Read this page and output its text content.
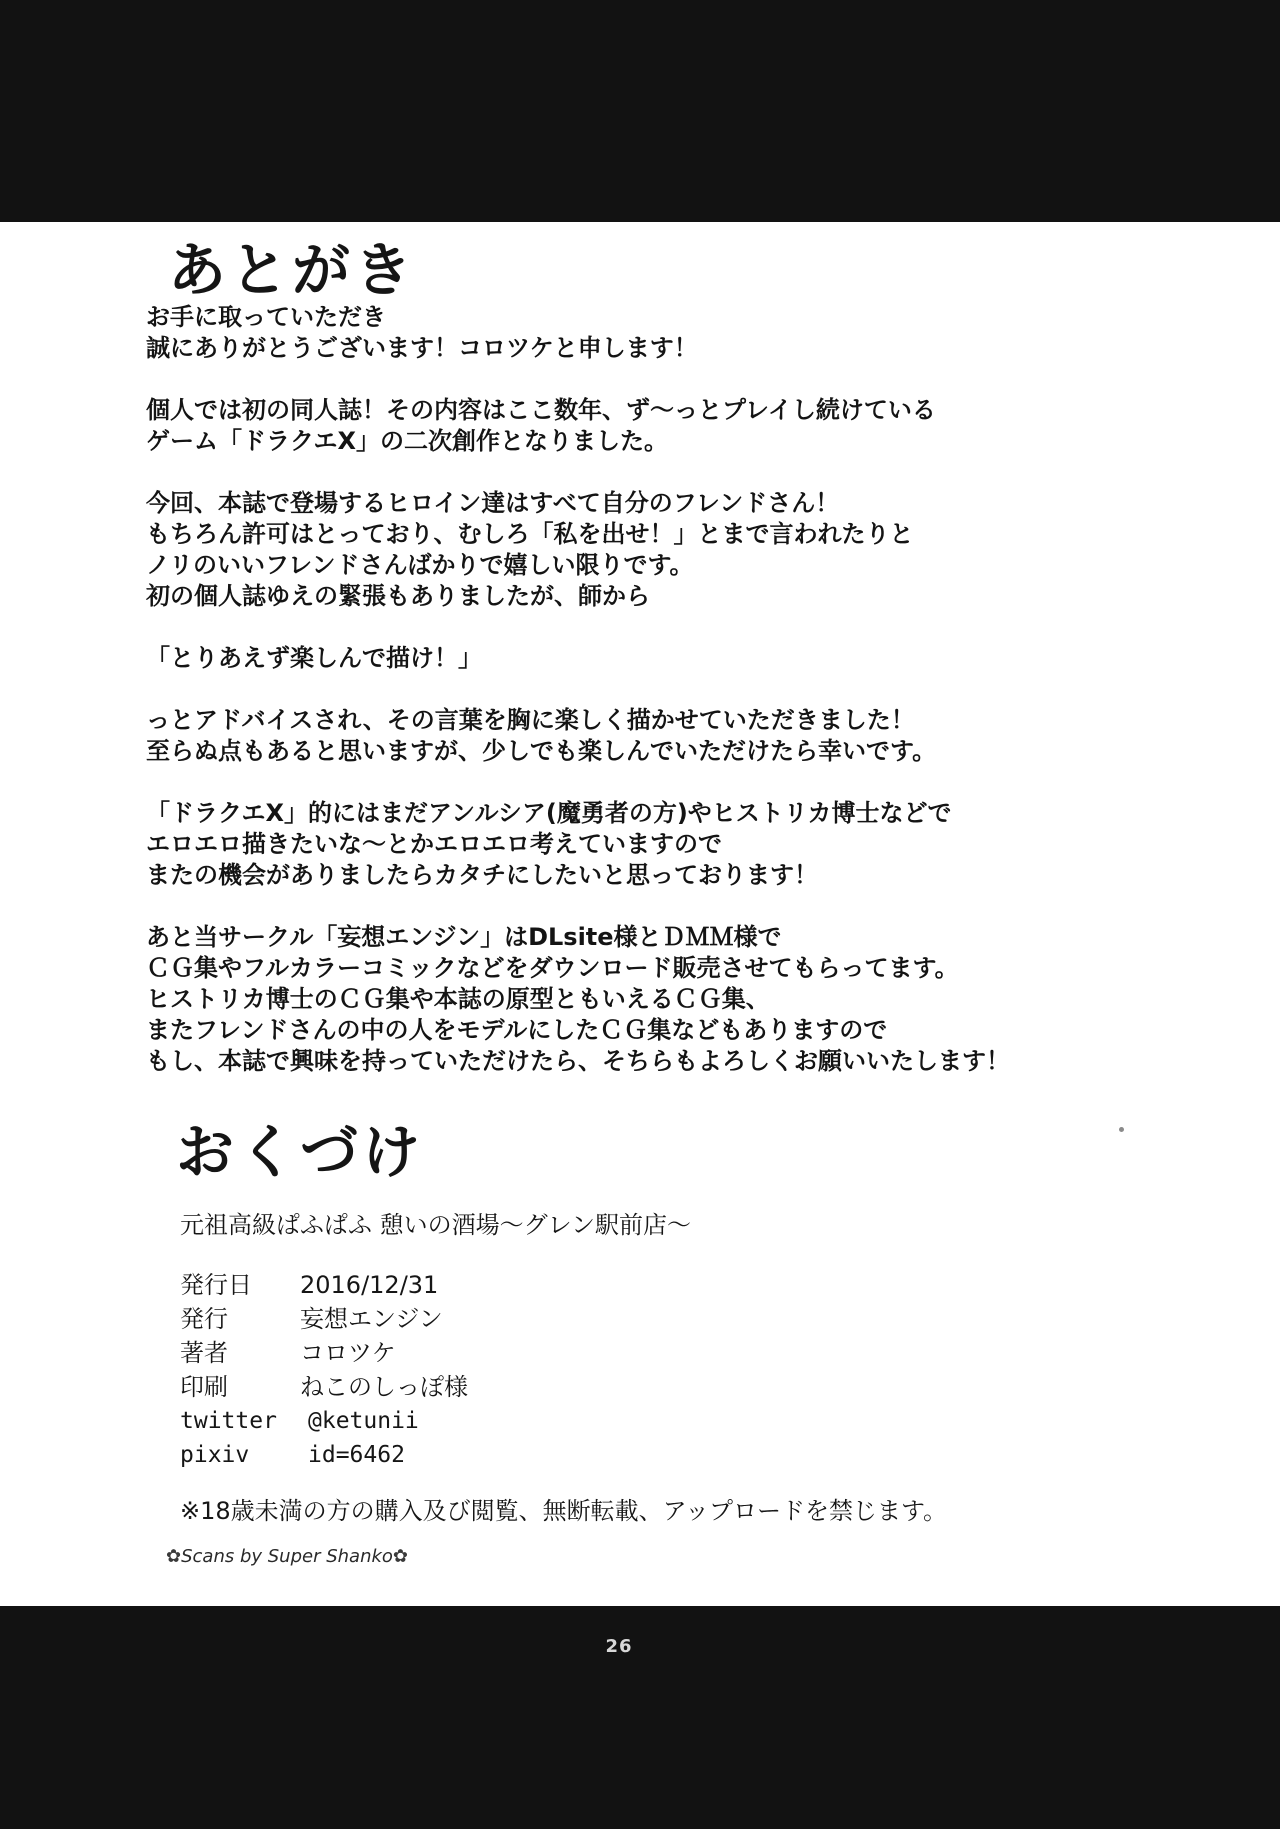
あとがき
お手に取っていただき
誠にありがとうございます！コロツケと申します！
個人では初の同人誌！その内容はここ数年、ず〜っとプレイし続けている
ゲーム「ドラクエX」の二次創作となりました。
今回、本誌で登場するヒロイン達はすべて自分のフレンドさん！
もちろん許可はとっており、むしろ「私を出せ！」とまで言われたりと
ノリのいいフレンドさんばかりで嬉しい限りです。
初の個人誌ゆえの緊張もありましたが、師から
「とりあえず楽しんで描け！」
っとアドバイスされ、その言葉を胸に楽しく描かせていただきました！
至らぬ点もあると思いますが、少しでも楽しんでいただけたら幸いです。
「ドラクエX」的にはまだアンルシア(魔勇者の方)やヒストリカ博士などで
エロエロ描きたいな〜とかエロエロ考えていますので
またの機会がありましたらカタチにしたいと思っております！
あと当サークル「妄想エンジン」はDLsite様とＤＭＭ様で
ＣＧ集やフルカラーコミックなどをダウンロード販売させてもらってます。
ヒストリカ博士のＣＧ集や本誌の原型ともいえるＣＧ集、
またフレンドさんの中の人をモデルにしたＣＧ集などもありますので
もし、本誌で興味を持っていただけたら、そちらもよろしくお願いいたします！
おくづけ
元祖高級ぱふぱふ 憩いの酒場〜グレン駅前店〜
発行日	2016/12/31
発行	妄想エンジン
著者	コロツケ
印刷	ねこのしっぽ様
twitter	@ketunii
pixiv	id=6462
※18歳未満の方の購入及び閲覧、無断転載、アップロードを禁じます。
✿Scans by Super Shanko✿
26
